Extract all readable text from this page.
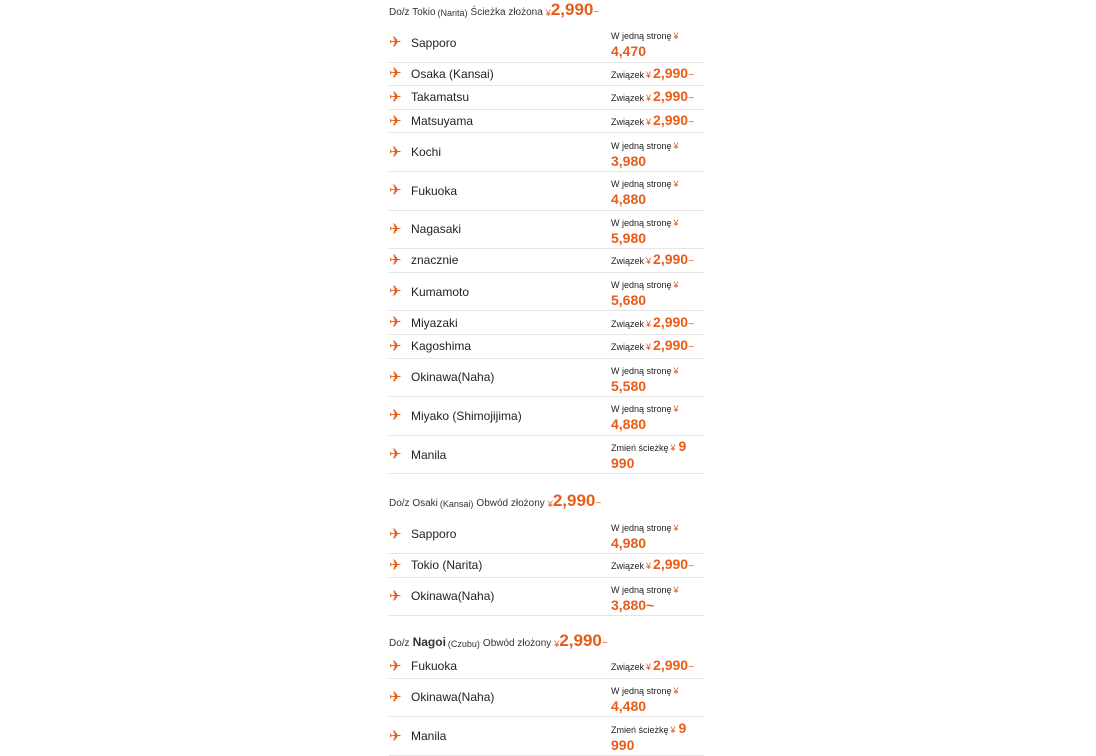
Do/z Tokio (Narita) Ścieżka złożona ¥ 2,990 ~
✈ Sapporo	W jedną stronę ¥
4,470
✈ Osaka (Kansai)	Związek ¥ 2,990~
✈ Takamatsu	Związek ¥ 2,990~
✈ Matsuyama	Związek ¥ 2,990~
✈ Kochi	W jedną stronę ¥
3,980
✈ Fukuoka	W jedną stronę ¥
4,880
✈ Nagasaki	W jedną stronę ¥
5,980
✈ znacznie	Związek ¥ 2,990~
✈ Kumamoto	W jedną stronę ¥
5,680
✈ Miyazaki	Związek ¥ 2,990~
✈ Kagoshima	Związek ¥ 2,990~
✈ Okinawa(Naha)	W jedną stronę ¥
5,580
✈ Miyako (Shimojijima)	W jedną stronę ¥
4,880
✈ Manila	Zmień ścieżkę ¥ 9
990
Do/z Osaki (Kansai) Obwód złożony ¥ 2,990 ~
✈ Sapporo	W jedną stronę ¥
4,980
✈ Tokio (Narita)	Związek ¥ 2,990~
✈ Okinawa(Naha)	W jedną stronę ¥
3,880~
Do/z Nagoi (Czubu) Obwód złożony ¥ 2,990 ~
✈ Fukuoka	Związek ¥ 2,990~
✈ Okinawa(Naha)	W jedną stronę ¥
4,480
✈ Manila	Zmień ścieżkę ¥ 9
990
